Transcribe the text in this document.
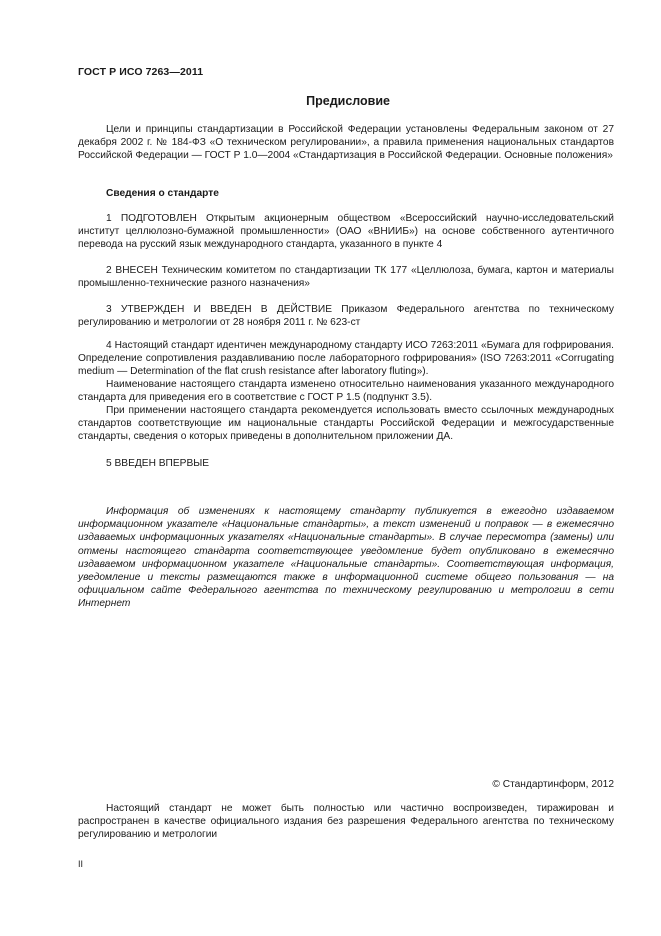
ГОСТ Р ИСО 7263—2011
Предисловие
Цели и принципы стандартизации в Российской Федерации установлены Федеральным законом от 27 декабря 2002 г. № 184-ФЗ «О техническом регулировании», а правила применения национальных стандартов Российской Федерации — ГОСТ Р 1.0—2004 «Стандартизация в Российской Федерации. Основные положения»
Сведения о стандарте
1 ПОДГОТОВЛЕН Открытым акционерным обществом «Всероссийский научно-исследовательский институт целлюлозно-бумажной промышленности» (ОАО «ВНИИБ») на основе собственного аутентичного перевода на русский язык международного стандарта, указанного в пункте 4
2 ВНЕСЕН Техническим комитетом по стандартизации ТК 177 «Целлюлоза, бумага, картон и материалы промышленно-технические разного назначения»
3 УТВЕРЖДЕН И ВВЕДЕН В ДЕЙСТВИЕ Приказом Федерального агентства по техническому регулированию и метрологии от 28 ноября 2011 г. № 623-ст
4 Настоящий стандарт идентичен международному стандарту ИСО 7263:2011 «Бумага для гофрирования. Определение сопротивления раздавливанию после лабораторного гофрирования» (ISO 7263:2011 «Corrugating medium — Determination of the flat crush resistance after laboratory fluting»).
Наименование настоящего стандарта изменено относительно наименования указанного международного стандарта для приведения его в соответствие с ГОСТ Р 1.5 (подпункт 3.5).
При применении настоящего стандарта рекомендуется использовать вместо ссылочных международных стандартов соответствующие им национальные стандарты Российской Федерации и межгосударственные стандарты, сведения о которых приведены в дополнительном приложении ДА.
5 ВВЕДЕН ВПЕРВЫЕ
Информация об изменениях к настоящему стандарту публикуется в ежегодно издаваемом информационном указателе «Национальные стандарты», а текст изменений и поправок — в ежемесячно издаваемых информационных указателях «Национальные стандарты». В случае пересмотра (замены) или отмены настоящего стандарта соответствующее уведомление будет опубликовано в ежемесячно издаваемом информационном указателе «Национальные стандарты». Соответствующая информация, уведомление и тексты размещаются также в информационной системе общего пользования — на официальном сайте Федерального агентства по техническому регулированию и метрологии в сети Интернет
© Стандартинформ, 2012
Настоящий стандарт не может быть полностью или частично воспроизведен, тиражирован и распространен в качестве официального издания без разрешения Федерального агентства по техническому регулированию и метрологии
II
